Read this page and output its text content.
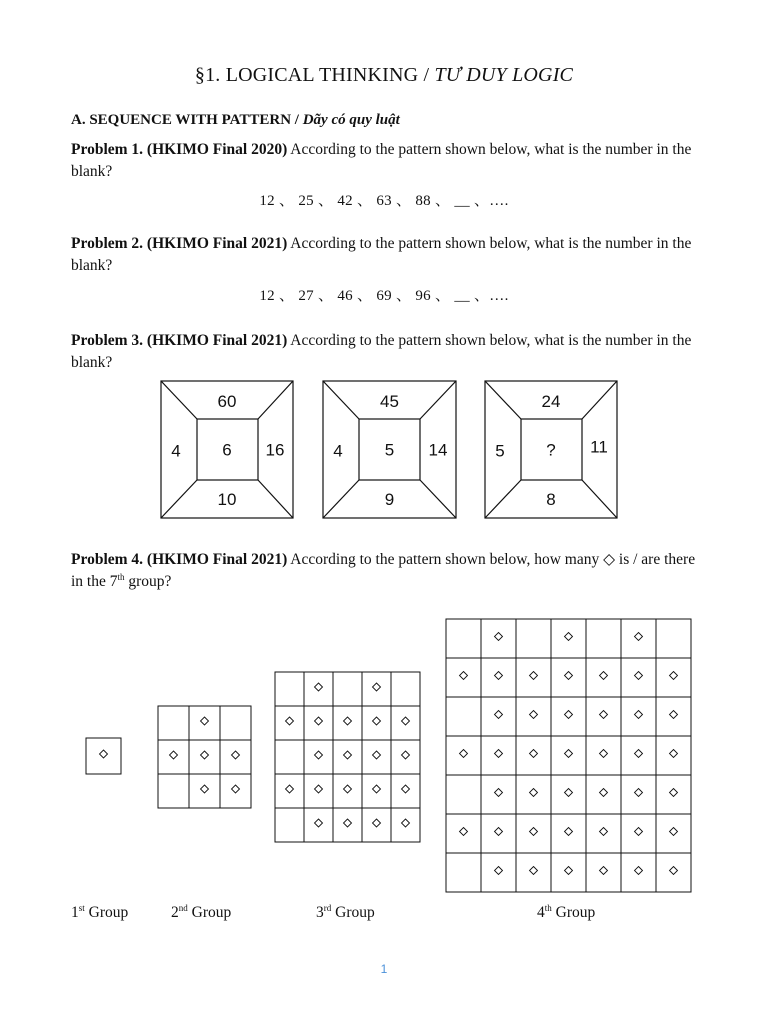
§1. LOGICAL THINKING / TƯ DUY LOGIC
A. SEQUENCE WITH PATTERN / Dãy có quy luật
Problem 1. (HKIMO Final 2020) According to the pattern shown below, what is the number in the blank?
12 、 25 、 42 、 63 、 88 、 __ 、….
Problem 2. (HKIMO Final 2021) According to the pattern shown below, what is the number in the blank?
12 、 27 、 46 、 69 、 96 、 __ 、….
Problem 3. (HKIMO Final 2021) According to the pattern shown below, what is the number in the blank?
60
4 6 16
10
45
4 5 14
9
24
5 ? 11
8
Problem 4. (HKIMO Final 2021) According to the pattern shown below, how many ◇ is / are there in the 7th group?
1st Group	2nd Group	3rd Group	4th Group
1
